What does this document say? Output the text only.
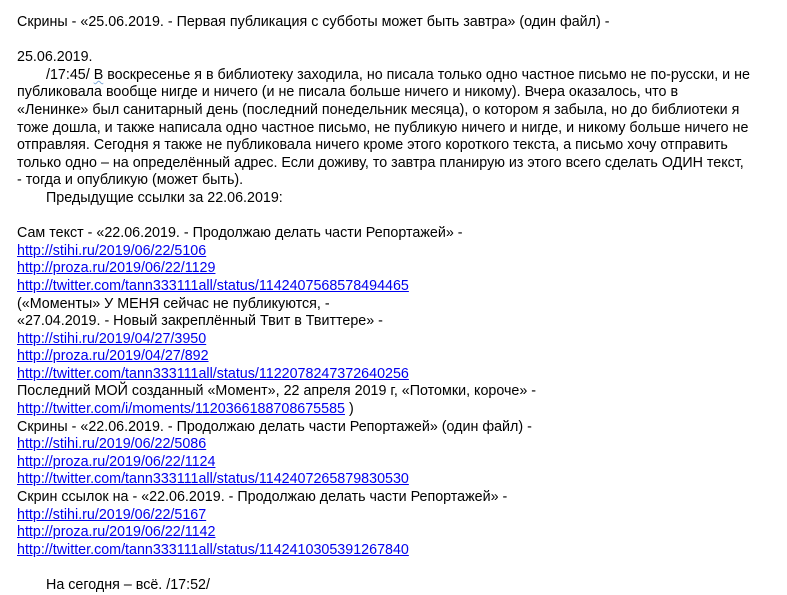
Скрины - «25.06.2019. - Первая публикация с субботы может быть завтра» (один файл) -
25.06.2019.
/17:45/ В воскресенье я в библиотеку заходила, но писала только одно частное письмо не по-русски, и не
публиковала вообще нигде и ничего (и не писала больше ничего и никому). Вчера оказалось, что в
«Ленинке» был санитарный день (последний понедельник месяца), о котором я забыла, но до библиотеки я
тоже дошла, и также написала одно частное письмо, не публикую ничего и нигде, и никому больше ничего не
отправляя. Сегодня я также не публиковала ничего кроме этого короткого текста, а письмо хочу отправить
только одно – на определённый адрес. Если доживу, то завтра планирую из этого всего сделать ОДИН текст,
- тогда и опубликую (может быть).
Предыдущие ссылки за 22.06.2019:
Сам текст - «22.06.2019. - Продолжаю делать части Репортажей» -
http://stihi.ru/2019/06/22/5106
http://proza.ru/2019/06/22/1129
http://twitter.com/tann333111all/status/1142407568578494465
(«Моменты» У МЕНЯ сейчас не публикуются, -
«27.04.2019. - Новый закреплённый Твит в Твиттере» -
http://stihi.ru/2019/04/27/3950
http://proza.ru/2019/04/27/892
http://twitter.com/tann333111all/status/1122078247372640256
Последний МОЙ созданный «Момент», 22 апреля 2019 г, «Потомки, короче» -
http://twitter.com/i/moments/1120366188708675585 )
Скрины - «22.06.2019. - Продолжаю делать части Репортажей» (один файл) -
http://stihi.ru/2019/06/22/5086
http://proza.ru/2019/06/22/1124
http://twitter.com/tann333111all/status/1142407265879830530
Скрин ссылок на - «22.06.2019. - Продолжаю делать части Репортажей» -
http://stihi.ru/2019/06/22/5167
http://proza.ru/2019/06/22/1142
http://twitter.com/tann333111all/status/1142410305391267840
На сегодня – всё. /17:52/
